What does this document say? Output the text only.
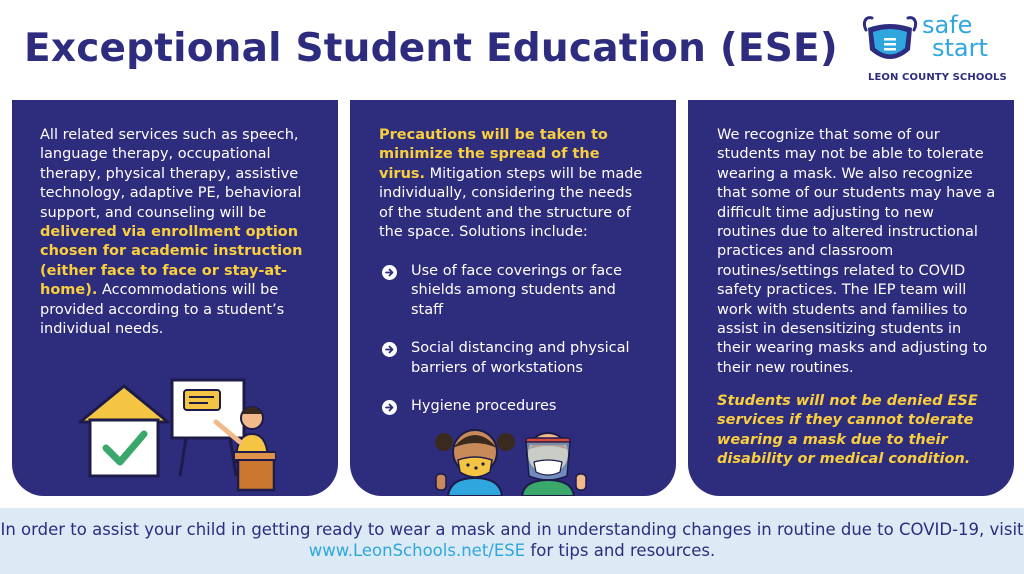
Exceptional Student Education (ESE)
safe
start
LEON COUNTY SCHOOLS

All related services such as speech, language therapy, occupational therapy, physical therapy, assistive technology, adaptive PE, behavioral support, and counseling will be delivered via enrollment option chosen for academic instruction (either face to face or stay-at-home). Accommodations will be provided according to a student’s individual needs.

Precautions will be taken to minimize the spread of the virus. Mitigation steps will be made individually, considering the needs of the student and the structure of the space. Solutions include:

Use of face coverings or face shields among students and staff
Social distancing and physical barriers of workstations
Hygiene procedures

We recognize that some of our students may not be able to tolerate wearing a mask. We also recognize that some of our students may have a difficult time adjusting to new routines due to altered instructional practices and classroom routines/settings related to COVID safety practices. The IEP team will work with students and families to assist in desensitizing students in their wearing masks and adjusting to their new routines.

Students will not be denied ESE services if they cannot tolerate wearing a mask due to their disability or medical condition.

In order to assist your child in getting ready to wear a mask and in understanding changes in routine due to COVID-19, visit www.LeonSchools.net/ESE for tips and resources.
